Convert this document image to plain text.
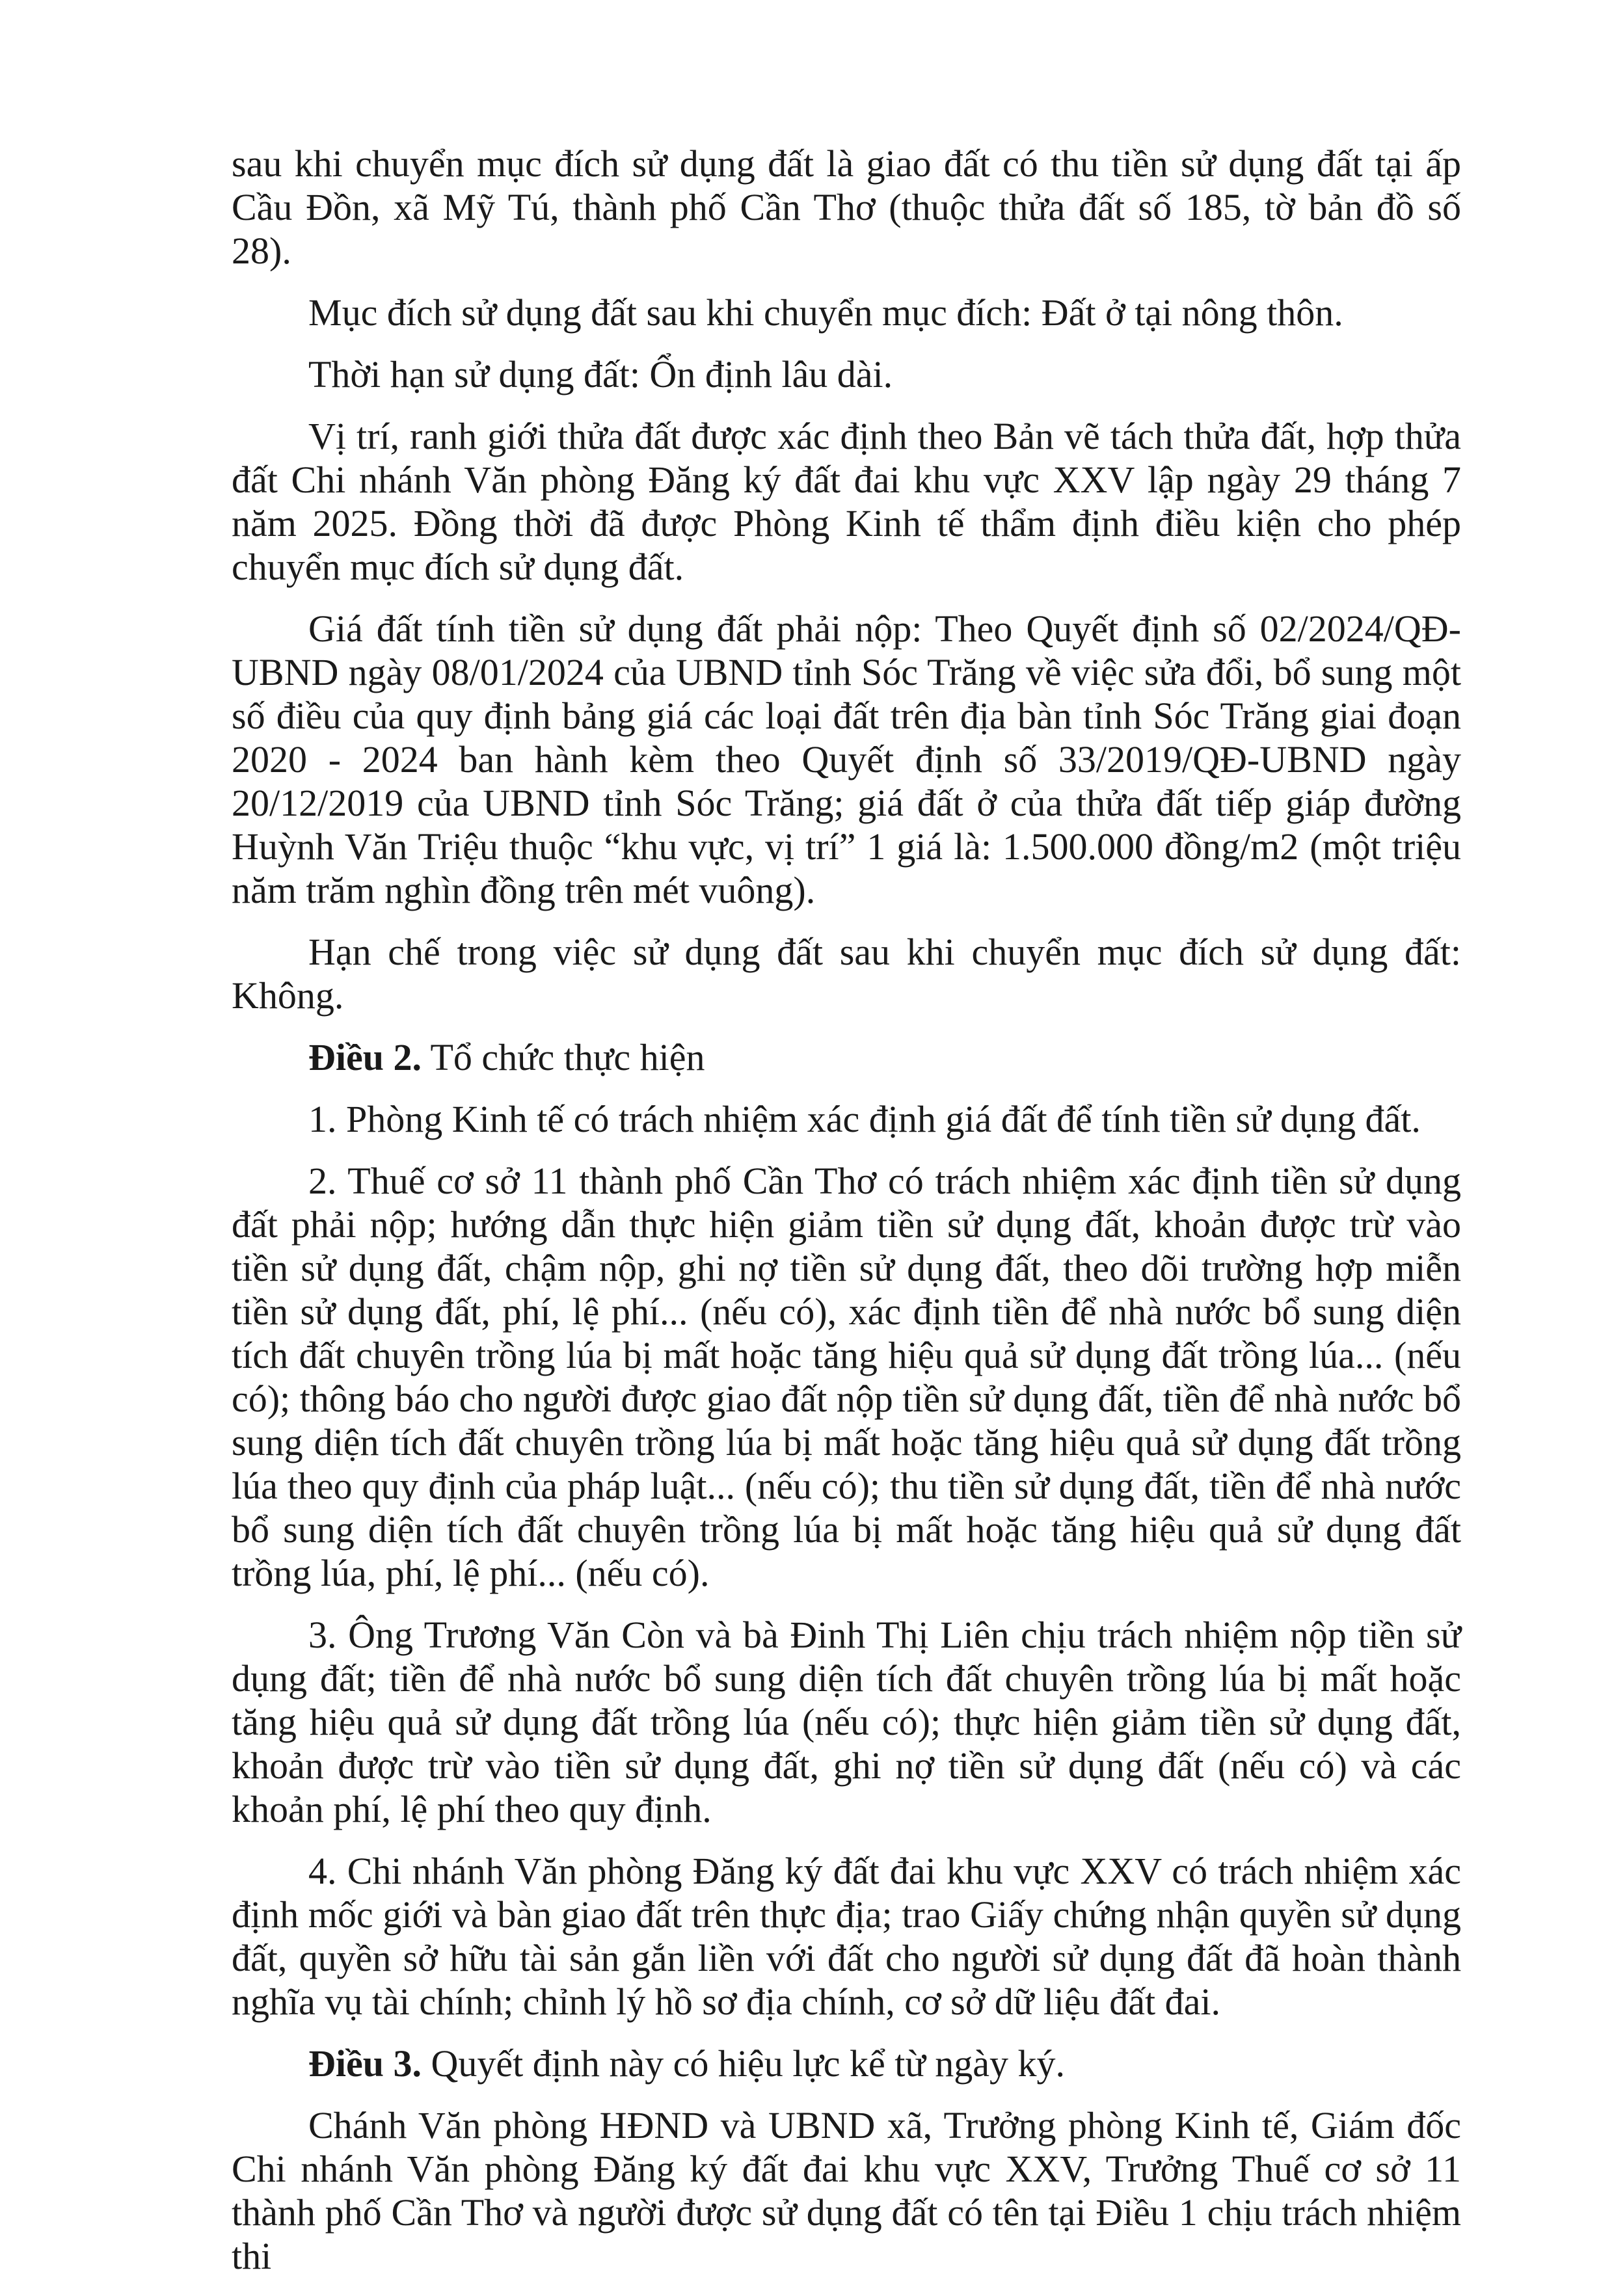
sau khi chuyển mục đích sử dụng đất là giao đất có thu tiền sử dụng đất tại ấp Cầu Đồn, xã Mỹ Tú, thành phố Cần Thơ (thuộc thửa đất số 185, tờ bản đồ số 28).

Mục đích sử dụng đất sau khi chuyển mục đích: Đất ở tại nông thôn.

Thời hạn sử dụng đất: Ổn định lâu dài.

Vị trí, ranh giới thửa đất được xác định theo Bản vẽ tách thửa đất, hợp thửa đất Chi nhánh Văn phòng Đăng ký đất đai khu vực XXV lập ngày 29 tháng 7 năm 2025. Đồng thời đã được Phòng Kinh tế thẩm định điều kiện cho phép chuyển mục đích sử dụng đất.

Giá đất tính tiền sử dụng đất phải nộp: Theo Quyết định số 02/2024/QĐ-UBND ngày 08/01/2024 của UBND tỉnh Sóc Trăng về việc sửa đổi, bổ sung một số điều của quy định bảng giá các loại đất trên địa bàn tỉnh Sóc Trăng giai đoạn 2020 - 2024 ban hành kèm theo Quyết định số 33/2019/QĐ-UBND ngày 20/12/2019 của UBND tỉnh Sóc Trăng; giá đất ở của thửa đất tiếp giáp đường Huỳnh Văn Triệu thuộc “khu vực, vị trí” 1 giá là: 1.500.000 đồng/m2 (một triệu năm trăm nghìn đồng trên mét vuông).

Hạn chế trong việc sử dụng đất sau khi chuyển mục đích sử dụng đất: Không.

Điều 2. Tổ chức thực hiện

1. Phòng Kinh tế có trách nhiệm xác định giá đất để tính tiền sử dụng đất.

2. Thuế cơ sở 11 thành phố Cần Thơ có trách nhiệm xác định tiền sử dụng đất phải nộp; hướng dẫn thực hiện giảm tiền sử dụng đất, khoản được trừ vào tiền sử dụng đất, chậm nộp, ghi nợ tiền sử dụng đất, theo dõi trường hợp miễn tiền sử dụng đất, phí, lệ phí... (nếu có), xác định tiền để nhà nước bổ sung diện tích đất chuyên trồng lúa bị mất hoặc tăng hiệu quả sử dụng đất trồng lúa... (nếu có); thông báo cho người được giao đất nộp tiền sử dụng đất, tiền để nhà nước bổ sung diện tích đất chuyên trồng lúa bị mất hoặc tăng hiệu quả sử dụng đất trồng lúa theo quy định của pháp luật... (nếu có); thu tiền sử dụng đất, tiền để nhà nước bổ sung diện tích đất chuyên trồng lúa bị mất hoặc tăng hiệu quả sử dụng đất trồng lúa, phí, lệ phí... (nếu có).

3. Ông Trương Văn Còn và bà Đinh Thị Liên chịu trách nhiệm nộp tiền sử dụng đất; tiền để nhà nước bổ sung diện tích đất chuyên trồng lúa bị mất hoặc tăng hiệu quả sử dụng đất trồng lúa (nếu có); thực hiện giảm tiền sử dụng đất, khoản được trừ vào tiền sử dụng đất, ghi nợ tiền sử dụng đất (nếu có) và các khoản phí, lệ phí theo quy định.

4. Chi nhánh Văn phòng Đăng ký đất đai khu vực XXV có trách nhiệm xác định mốc giới và bàn giao đất trên thực địa; trao Giấy chứng nhận quyền sử dụng đất, quyền sở hữu tài sản gắn liền với đất cho người sử dụng đất đã hoàn thành nghĩa vụ tài chính; chỉnh lý hồ sơ địa chính, cơ sở dữ liệu đất đai.

Điều 3. Quyết định này có hiệu lực kể từ ngày ký.

Chánh Văn phòng HĐND và UBND xã, Trưởng phòng Kinh tế, Giám đốc Chi nhánh Văn phòng Đăng ký đất đai khu vực XXV, Trưởng Thuế cơ sở 11 thành phố Cần Thơ và người được sử dụng đất có tên tại Điều 1 chịu trách nhiệm thi
